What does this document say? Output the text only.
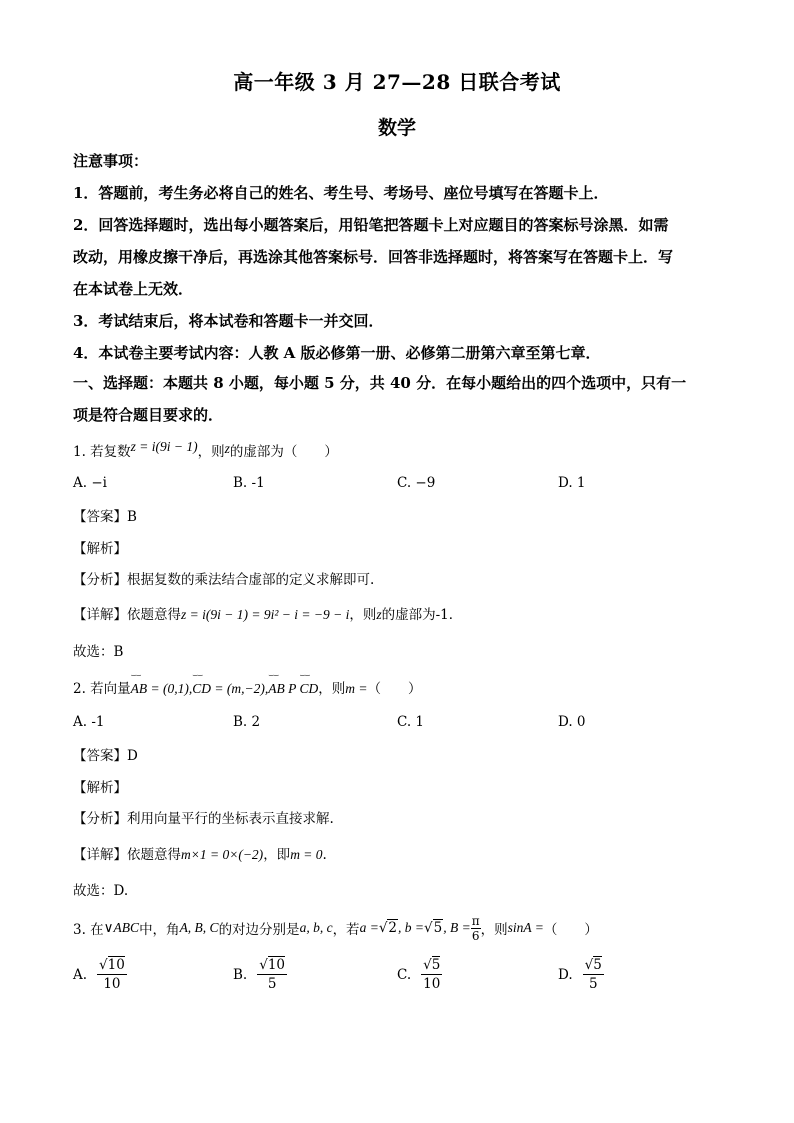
高一年级 3 月 27—28 日联合考试
数学
注意事项：
1．答题前，考生务必将自己的姓名、考生号、考场号、座位号填写在答题卡上．
2．回答选择题时，选出每小题答案后，用铅笔把答题卡上对应题目的答案标号涂黑．如需
改动，用橡皮擦干净后，再选涂其他答案标号．回答非选择题时，将答案写在答题卡上．写
在本试卷上无效．
3．考试结束后，将本试卷和答题卡一并交回．
4．本试卷主要考试内容：人教 A 版必修第一册、必修第二册第六章至第七章．
一、选择题：本题共 8 小题，每小题 5 分，共 40 分．在每小题给出的四个选项中，只有一
项是符合题目要求的．
1. 若复数z = i(9i − 1)，则z的虚部为（　　）
A. −i	B. -1	C. −9	D. 1
【答案】B
【解析】
【分析】根据复数的乘法结合虚部的定义求解即可.
【详解】依题意得z = i(9i − 1) = 9i² − i = −9 − i，则z的虚部为-1．
故选：B
2. 若向量⌣⌣ AB = (0,1),⌣⌣ CD = (m,−2),⌣⌣ AB P ⌣⌣ CD，则m =（　　）
A. -1	B. 2	C. 1	D. 0
【答案】D
【解析】
【分析】利用向量平行的坐标表示直接求解.
【详解】依题意得m×1 = 0×(−2)，即m = 0.
故选：D.
3. 在 ∨ABC 中，角 A, B, C 的对边分别是 a, b, c ，若 a = √2 , b = √5 , $B = \frac{\pi}{6}$ ，则 sinA = （　　）
A. $\frac{√10}{10}$	B. $\frac{√10}{5}$	C. $\frac{√5}{10}$	D. $\frac{√5}{5}$
